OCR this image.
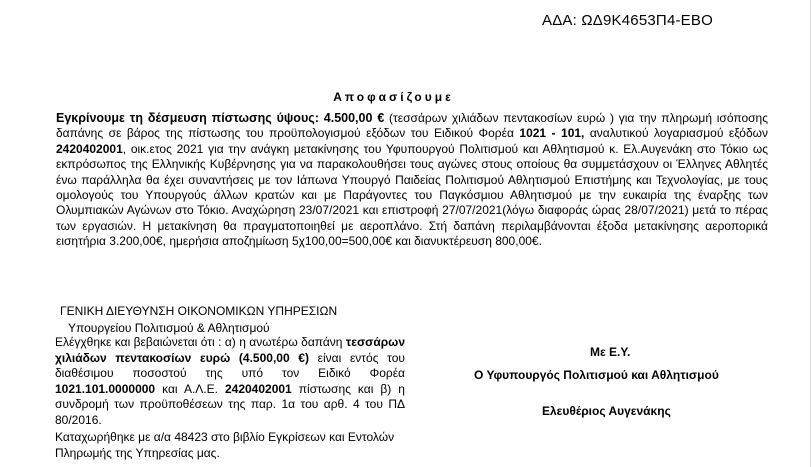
ΑΔΑ: ΩΔ9Κ4653Π4-ΕΒΟ
Αποφασίζουμε
Εγκρίνουμε τη δέσμευση πίστωσης ύψους: 4.500,00 € (τεσσάρων χιλιάδων πεντακοσίων ευρώ ) για την πληρωμή ισόποσης δαπάνης σε βάρος της πίστωσης του προϋπολογισμού εξόδων του Ειδικού Φορέα 1021 - 101, αναλυτικού λογαριασμού εξόδων 2420402001, οικ.ετος 2021 για την ανάγκη μετακίνησης του Υφυπουργού Πολιτισμού και Αθλητισμού κ. Ελ.Αυγενάκη στο Τόκιο ως εκπρόσωπος της Ελληνικής Κυβέρνησης για να παρακολουθήσει τους αγώνες στους οποίους θα συμμετάσχουν οι Έλληνες Αθλητές ένω παράλληλα θα έχει συναντήσεις με τον Ιάπωνα Υπουργό Παιδείας Πολιτισμού Αθλητισμού Επιστήμης και Τεχνολογίας, με τους ομολογούς του Υπουργούς άλλων κρατών και με Παράγοντες του Παγκόσμιου Αθλητισμού με την ευκαιρία της έναρξης των Ολυμπιακών Αγώνων στο Τόκιο. Αναχώρηση 23/07/2021 και επιστροφή 27/07/2021(λόγω διαφοράς ώρας 28/07/2021) μετά το πέρας των εργασιών. Η μετακίνηση θα πραγματοποιηθεί με αεροπλάνο. Στή δαπάνη περιλαμβάνονται έξοδα μετακίνησης αεροπορικά εισητήρια 3.200,00€, ημερήσια αποζημίωση 5χ100,00=500,00€ και διανυκτέρευση 800,00€.
ΓΕΝΙΚΗ ΔΙΕΥΘΥΝΣΗ ΟΙΚΟΝΟΜΙΚΩΝ ΥΠΗΡΕΣΙΩΝ
Υπουργείου Πολιτισμού & Αθλητισμού
Ελέγχθηκε και βεβαιώνεται ότι : α) η ανωτέρω δαπάνη τεσσάρων χιλιάδων πεντακοσίων ευρώ (4.500,00 €) είναι εντός του διαθέσιμου ποσοστού της υπό τον Ειδικό Φορέα 1021.101.0000000 και Α.Λ.Ε. 2420402001 πίστωσης και β) η συνδρομή των προϋποθέσεων της παρ. 1α του αρθ. 4 του ΠΔ 80/2016.
Καταχωρήθηκε με α/α 48423 στο βιβλίο Εγκρίσεων και Εντολών Πληρωμής της Υπηρεσίας μας.
Με Ε.Υ.
Ο Υφυπουργός Πολιτισμού και Αθλητισμού
Ελευθέριος Αυγενάκης
